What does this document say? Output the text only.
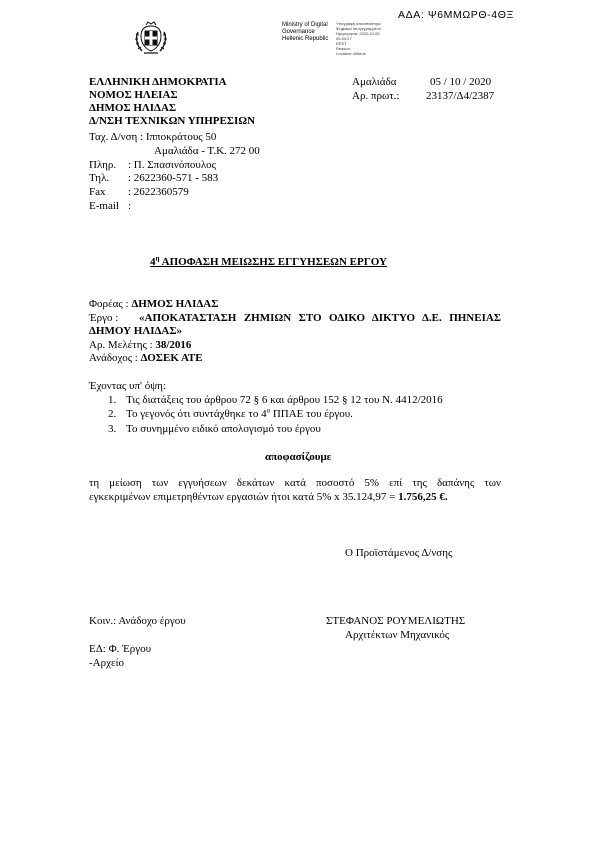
ΑΔΑ: Ψ6ΜΜΩΡΘ-4ΘΞ
Ministry of Digital
Governance
Hellenic Republic
Υπογραφή αποσπάστηκε
Ψηφιακά υπογεγραμμένο
Ημερομηνία: 2020.10.05
09:34:27
EEST
Reason:
Location: Athens
ΕΛΛΗΝΙΚΗ ΔΗΜΟΚΡΑΤΙΑ
ΝΟΜΟΣ ΗΛΕΙΑΣ
ΔΗΜΟΣ ΗΛΙΔΑΣ
Δ/ΝΣΗ ΤΕΧΝΙΚΩΝ ΥΠΗΡΕΣΙΩΝ
Αμαλιάδα	05 / 10 / 2020
Αρ. πρωτ.: 23137/Δ4/2387
Ταχ. Δ/νση : Ιπποκράτους 50
Αμαλιάδα - Τ.Κ. 272 00
Πληρ. : Π. Σπασινόπουλος
Τηλ. : 2622360-571 - 583
Fax : 2622360579
E-mail :
$4^\eta$ ΑΠΟΦΑΣΗ ΜΕΙΩΣΗΣ ΕΓΓΥΗΣΕΩΝ ΕΡΓΟΥ
Φορέας : ΔΗΜΟΣ ΗΛΙΔΑΣ
Έργο : «ΑΠΟΚΑΤΑΣΤΑΣΗ ΖΗΜΙΩΝ ΣΤΟ ΟΔΙΚΟ ΔΙΚΤΥΟ Δ.Ε. ΠΗΝΕΙΑΣ
ΔΗΜΟΥ ΗΛΙΔΑΣ»
Αρ. Μελέτης : 38/2016
Ανάδοχος : ΔΟΣΕΚ ΑΤΕ
Έχοντας υπ' όψη:
1. Τις διατάξεις του άρθρου 72 § 6 και άρθρου 152 § 12 του Ν. 4412/2016
2. Το γεγονός ότι συντάχθηκε το $4^o$ ΠΠΑΕ του έργου.
3. Το συνημμένο ειδικό απολογισμό του έργου
αποφασίζουμε
τη μείωση των εγγυήσεων δεκάτων κατά ποσοστό 5% επί της δαπάνης των
εγκεκριμένων επιμετρηθέντων εργασιών ήτοι κατά 5% x 35.124,97 = 1.756,25 €.
Ο Προϊστάμενος Δ/νσης
ΣΤΕΦΑΝΟΣ ΡΟΥΜΕΛΙΩΤΗΣ
Αρχιτέκτων Μηχανικός
Κοιν.: Ανάδοχο έργου
ΕΔ: Φ. Έργου
-Αρχείο
